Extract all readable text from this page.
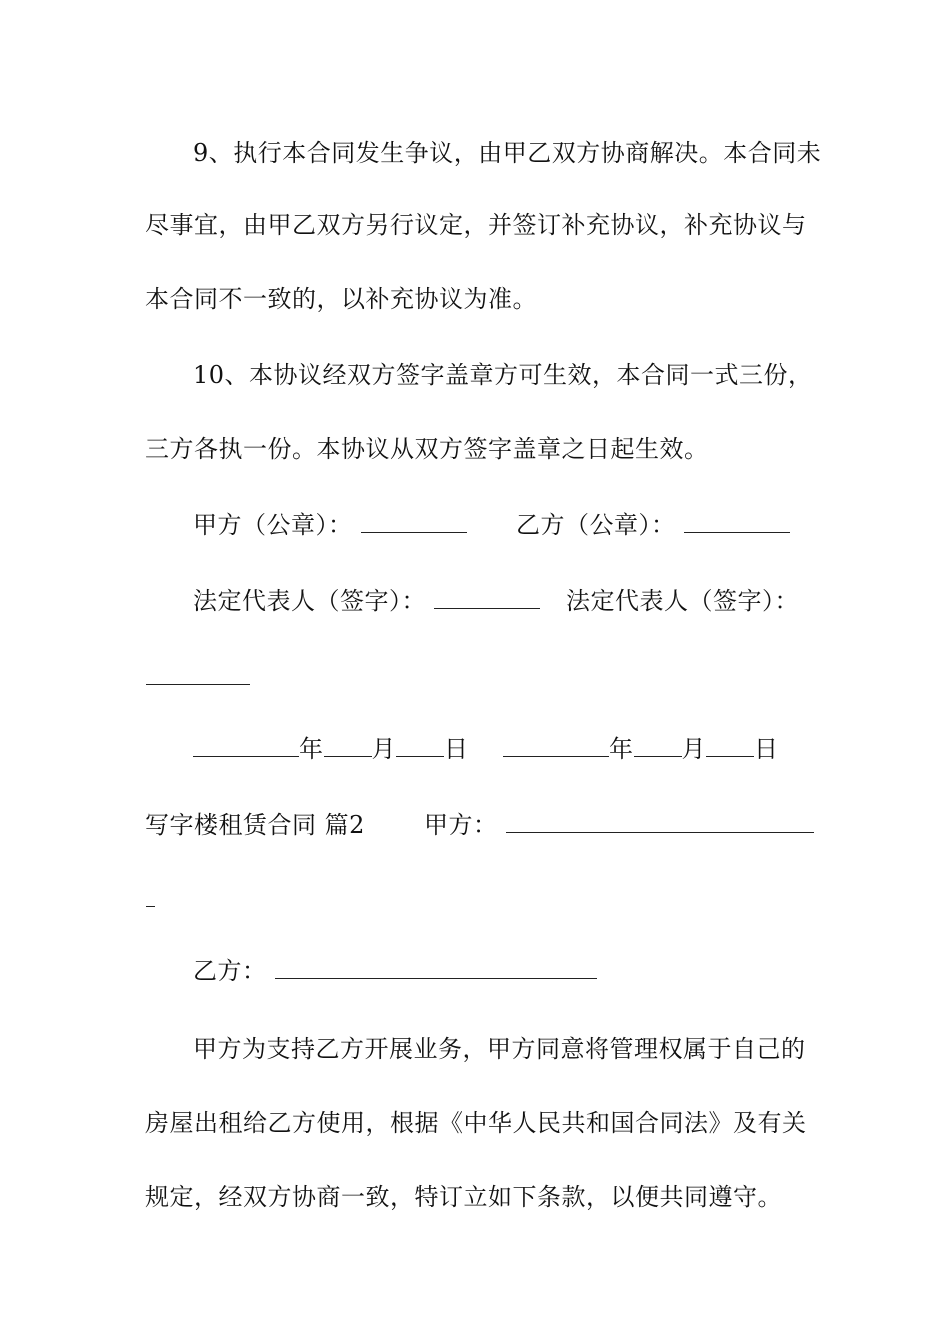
9、执行本合同发生争议，由甲乙双方协商解决。本合同未
尽事宜，由甲乙双方另行议定，并签订补充协议，补充协议与
本合同不一致的，以补充协议为准。
10、本协议经双方签字盖章方可生效，本合同一式三份，
三方各执一份。本协议从双方签字盖章之日起生效。
甲方（公章）：	乙方（公章）：
法定代表人（签字）：	法定代表人（签字）：
年 月 日	年 月 日
写字楼租赁合同 篇2 甲方：
乙方：
甲方为支持乙方开展业务，甲方同意将管理权属于自己的
房屋出租给乙方使用，根据《中华人民共和国合同法》及有关
规定，经双方协商一致，特订立如下条款，以便共同遵守。
